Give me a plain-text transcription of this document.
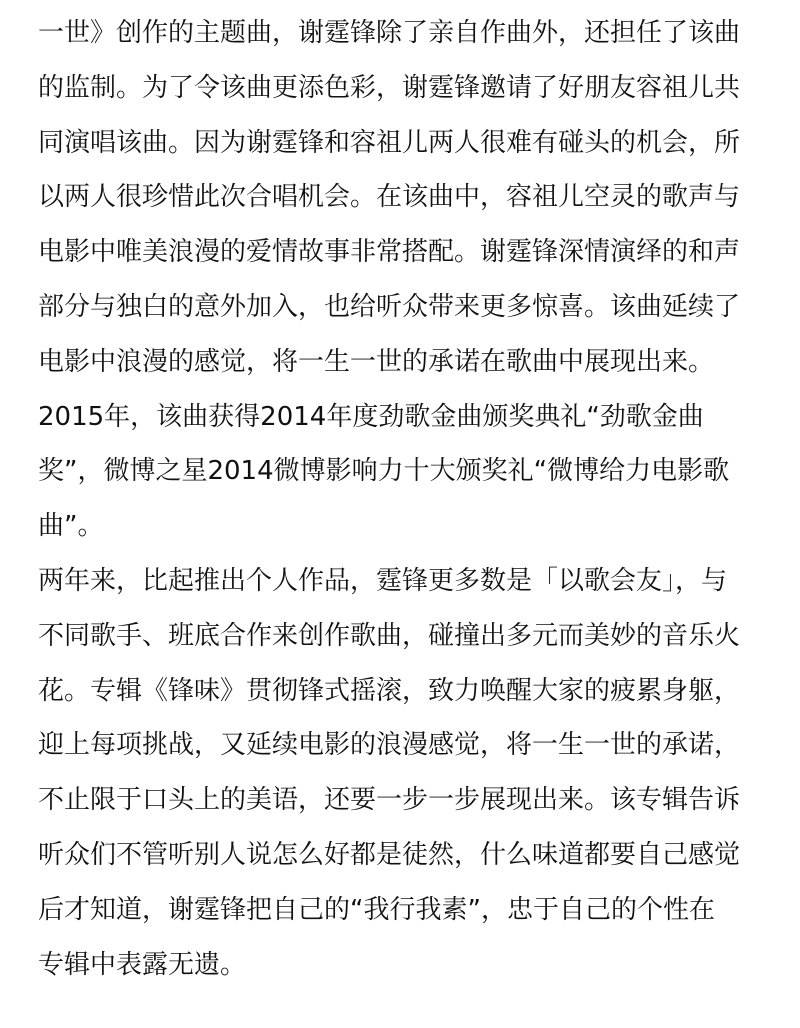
一世》创作的主题曲，谢霆锋除了亲自作曲外，还担任了该曲
的监制。为了令该曲更添色彩，谢霆锋邀请了好朋友容祖儿共
同演唱该曲。因为谢霆锋和容祖儿两人很难有碰头的机会，所
以两人很珍惜此次合唱机会。在该曲中，容祖儿空灵的歌声与
电影中唯美浪漫的爱情故事非常搭配。谢霆锋深情演绎的和声
部分与独白的意外加入，也给听众带来更多惊喜。该曲延续了
电影中浪漫的感觉，将一生一世的承诺在歌曲中展现出来。
2015年，该曲获得2014年度劲歌金曲颁奖典礼“劲歌金曲
奖”，微博之星2014微博影响力十大颁奖礼“微博给力电影歌
曲”。
两年来，比起推出个人作品，霆锋更多数是「以歌会友」，与
不同歌手、班底合作来创作歌曲，碰撞出多元而美妙的音乐火
花。专辑《锋味》贯彻锋式摇滚，致力唤醒大家的疲累身躯，
迎上每项挑战，又延续电影的浪漫感觉，将一生一世的承诺，
不止限于口头上的美语，还要一步一步展现出来。该专辑告诉
听众们不管听别人说怎么好都是徒然，什么味道都要自己感觉
后才知道，谢霆锋把自己的“我行我素”，忠于自己的个性在
专辑中表露无遗。
